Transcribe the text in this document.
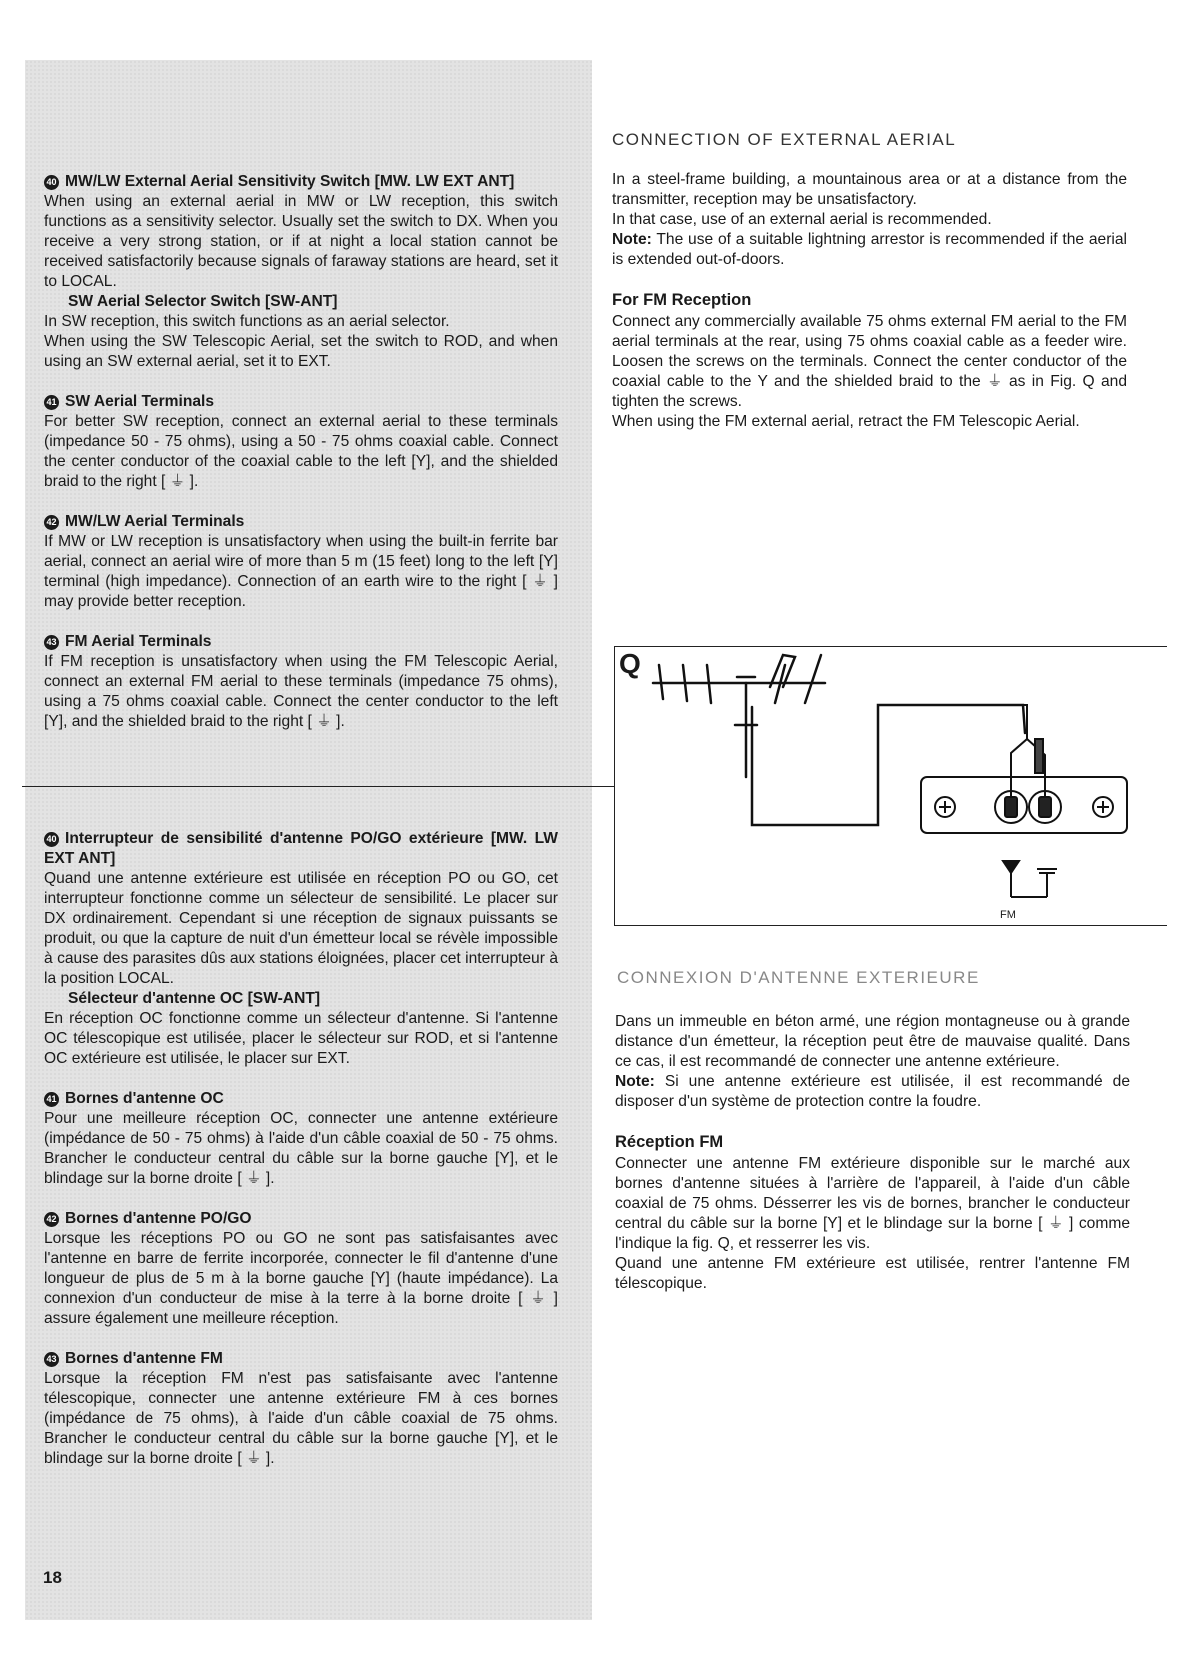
40 MW/LW External Aerial Sensitivity Switch [MW. LW EXT ANT]

When using an external aerial in MW or LW reception, this switch functions as a sensitivity selector. Usually set the switch to DX. When you receive a very strong station, or if at night a local station cannot be received satisfactorily because signals of faraway stations are heard, set it to LOCAL.

SW Aerial Selector Switch [SW-ANT]

In SW reception, this switch functions as an aerial selector.

When using the SW Telescopic Aerial, set the switch to ROD, and when using an SW external aerial, set it to EXT.

41 SW Aerial Terminals

For better SW reception, connect an external aerial to these terminals (impedance 50 - 75 ohms), using a 50 - 75 ohms coaxial cable. Connect the center conductor of the coaxial cable to the left [Y], and the shielded braid to the right [ ⏚ ].

42 MW/LW Aerial Terminals

If MW or LW reception is unsatisfactory when using the built-in ferrite bar aerial, connect an aerial wire of more than 5 m (15 feet) long to the left [Y] terminal (high impedance). Connection of an earth wire to the right [ ⏚ ] may provide better reception.

43 FM Aerial Terminals

If FM reception is unsatisfactory when using the FM Telescopic Aerial, connect an external FM aerial to these terminals (impedance 75 ohms), using a 75 ohms coaxial cable. Connect the center conductor to the left [Y], and the shielded braid to the right [ ⏚ ].

40 Interrupteur de sensibilité d'antenne PO/GO extérieure [MW. LW EXT ANT]

Quand une antenne extérieure est utilisée en réception PO ou GO, cet interrupteur fonctionne comme un sélecteur de sensibilité. Le placer sur DX ordinairement. Cependant si une réception de signaux puissants se produit, ou que la capture de nuit d'un émetteur local se révèle impossible à cause des parasites dûs aux stations éloignées, placer cet interrupteur à la position LOCAL.

Sélecteur d'antenne OC [SW-ANT]

En réception OC fonctionne comme un sélecteur d'antenne. Si l'antenne OC télescopique est utilisée, placer le sélecteur sur ROD, et si l'antenne OC extérieure est utilisée, le placer sur EXT.

41 Bornes d'antenne OC

Pour une meilleure réception OC, connecter une antenne extérieure (impédance de 50 - 75 ohms) à l'aide d'un câble coaxial de 50 - 75 ohms. Brancher le conducteur central du câble sur la borne gauche [Y], et le blindage sur la borne droite [ ⏚ ].

42 Bornes d'antenne PO/GO

Lorsque les réceptions PO ou GO ne sont pas satisfaisantes avec l'antenne en barre de ferrite incorporée, connecter le fil d'antenne d'une longueur de plus de 5 m à la borne gauche [Y] (haute impédance). La connexion d'un conducteur de mise à la terre à la borne droite [ ⏚ ] assure également une meilleure réception.

43 Bornes d'antenne FM

Lorsque la réception FM n'est pas satisfaisante avec l'antenne télescopique, connecter une antenne extérieure FM à ces bornes (impédance de 75 ohms), à l'aide d'un câble coaxial de 75 ohms. Brancher le conducteur central du câble sur la borne gauche [Y], et le blindage sur la borne droite [ ⏚ ].

CONNECTION OF EXTERNAL AERIAL

In a steel-frame building, a mountainous area or at a distance from the transmitter, reception may be unsatisfactory.

In that case, use of an external aerial is recommended.

Note: The use of a suitable lightning arrestor is recommended if the aerial is extended out-of-doors.

For FM Reception

Connect any commercially available 75 ohms external FM aerial to the FM aerial terminals at the rear, using 75 ohms coaxial cable as a feeder wire. Loosen the screws on the terminals. Connect the center conductor of the coaxial cable to the Y and the shielded braid to the ⏚ as in Fig. Q and tighten the screws.

When using the FM external aerial, retract the FM Telescopic Aerial.

Q
FM
CONNEXION D'ANTENNE EXTERIEURE

Dans un immeuble en béton armé, une région montagneuse ou à grande distance d'un émetteur, la réception peut être de mauvaise qualité. Dans ce cas, il est recommandé de connecter une antenne extérieure.

Note: Si une antenne extérieure est utilisée, il est recommandé de disposer d'un système de protection contre la foudre.

Réception FM

Connecter une antenne FM extérieure disponible sur le marché aux bornes d'antenne situées à l'arrière de l'appareil, à l'aide d'un câble coaxial de 75 ohms. Désserrer les vis de bornes, brancher le conducteur central du câble sur la borne [Y] et le blindage sur la borne [ ⏚ ] comme l'indique la fig. Q, et resserrer les vis.

Quand une antenne FM extérieure est utilisée, rentrer l'antenne FM télescopique.

18
